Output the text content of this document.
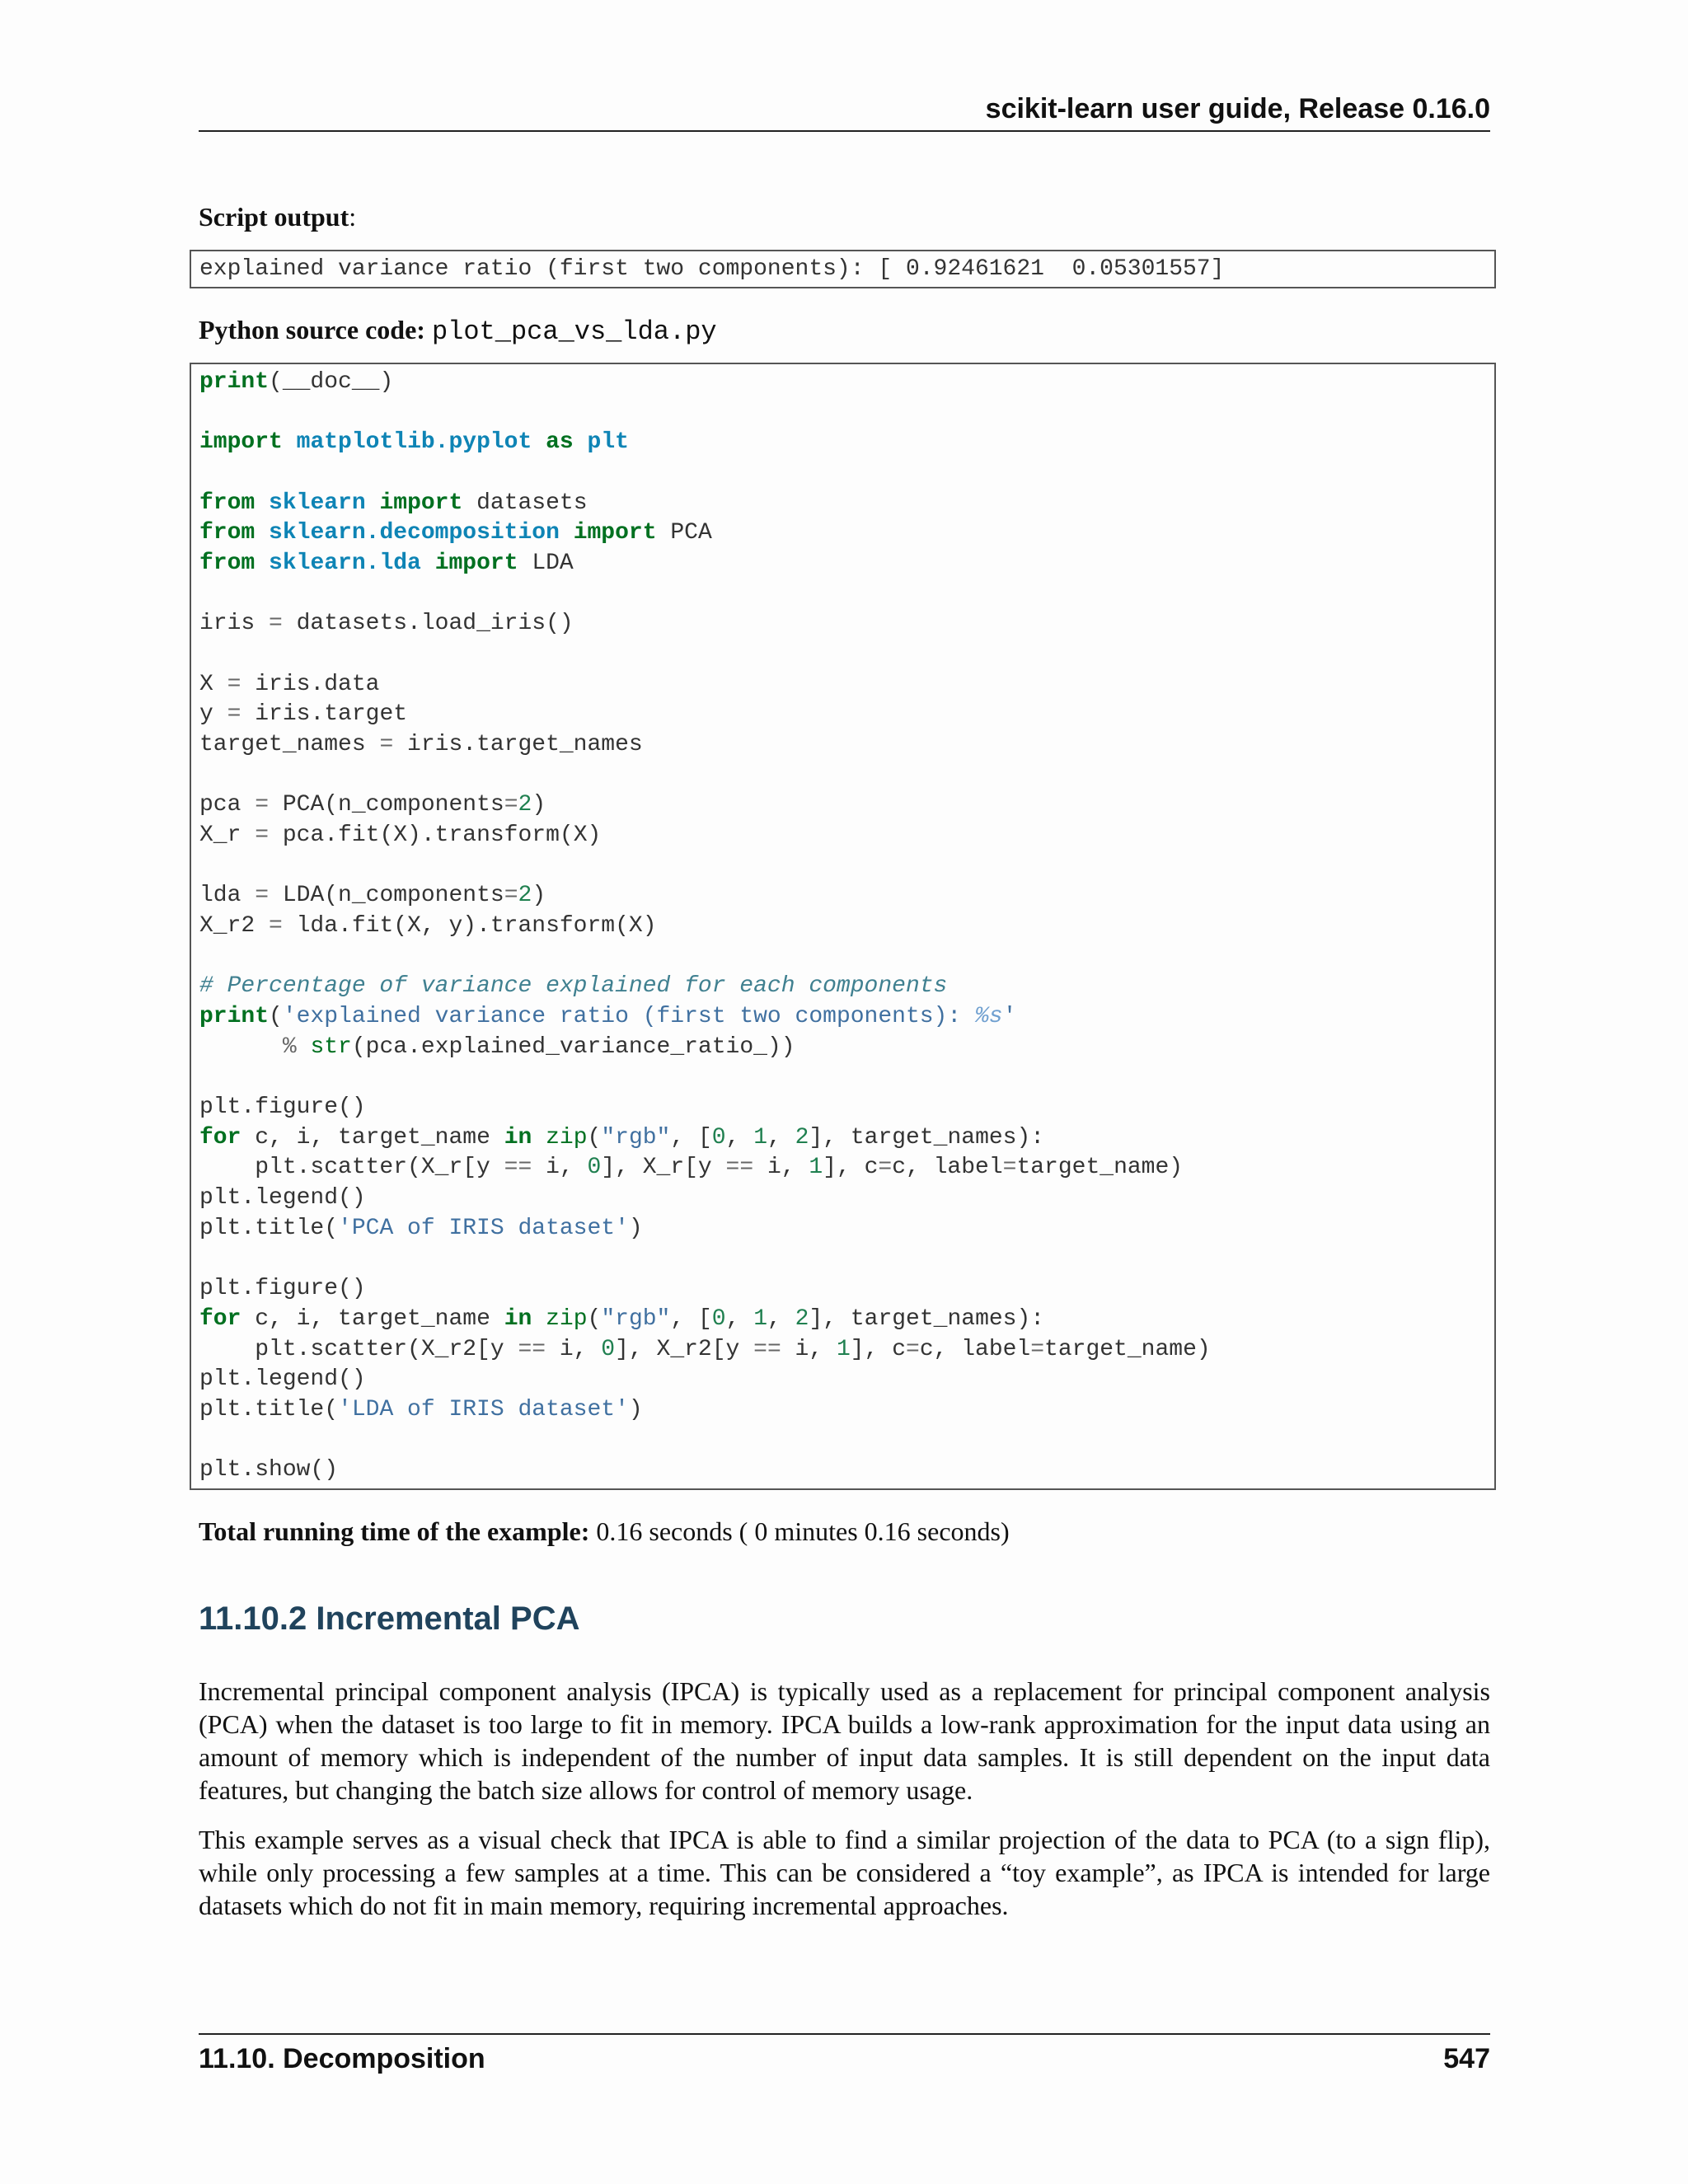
scikit-learn user guide, Release 0.16.0
Script output:
explained variance ratio (first two components): [ 0.92461621  0.05301557]
Python source code: plot_pca_vs_lda.py
print(__doc__)

import matplotlib.pyplot as plt

from sklearn import datasets
from sklearn.decomposition import PCA
from sklearn.lda import LDA

iris = datasets.load_iris()

X = iris.data
y = iris.target
target_names = iris.target_names

pca = PCA(n_components=2)
X_r = pca.fit(X).transform(X)

lda = LDA(n_components=2)
X_r2 = lda.fit(X, y).transform(X)

# Percentage of variance explained for each components
print('explained variance ratio (first two components): %s'
% str(pca.explained_variance_ratio_))

plt.figure()
for c, i, target_name in zip("rgb", [0, 1, 2], target_names):
plt.scatter(X_r[y == i, 0], X_r[y == i, 1], c=c, label=target_name)
plt.legend()
plt.title('PCA of IRIS dataset')

plt.figure()
for c, i, target_name in zip("rgb", [0, 1, 2], target_names):
plt.scatter(X_r2[y == i, 0], X_r2[y == i, 1], c=c, label=target_name)
plt.legend()
plt.title('LDA of IRIS dataset')

plt.show()
Total running time of the example: 0.16 seconds ( 0 minutes 0.16 seconds)
11.10.2 Incremental PCA

Incremental principal component analysis (IPCA) is typically used as a replacement for principal component analysis (PCA) when the dataset is too large to fit in memory. IPCA builds a low-rank approximation for the input data using an amount of memory which is independent of the number of input data samples. It is still dependent on the input data features, but changing the batch size allows for control of memory usage.

This example serves as a visual check that IPCA is able to find a similar projection of the data to PCA (to a sign flip), while only processing a few samples at a time. This can be considered a “toy example”, as IPCA is intended for large datasets which do not fit in main memory, requiring incremental approaches.

11.10. Decomposition	547
